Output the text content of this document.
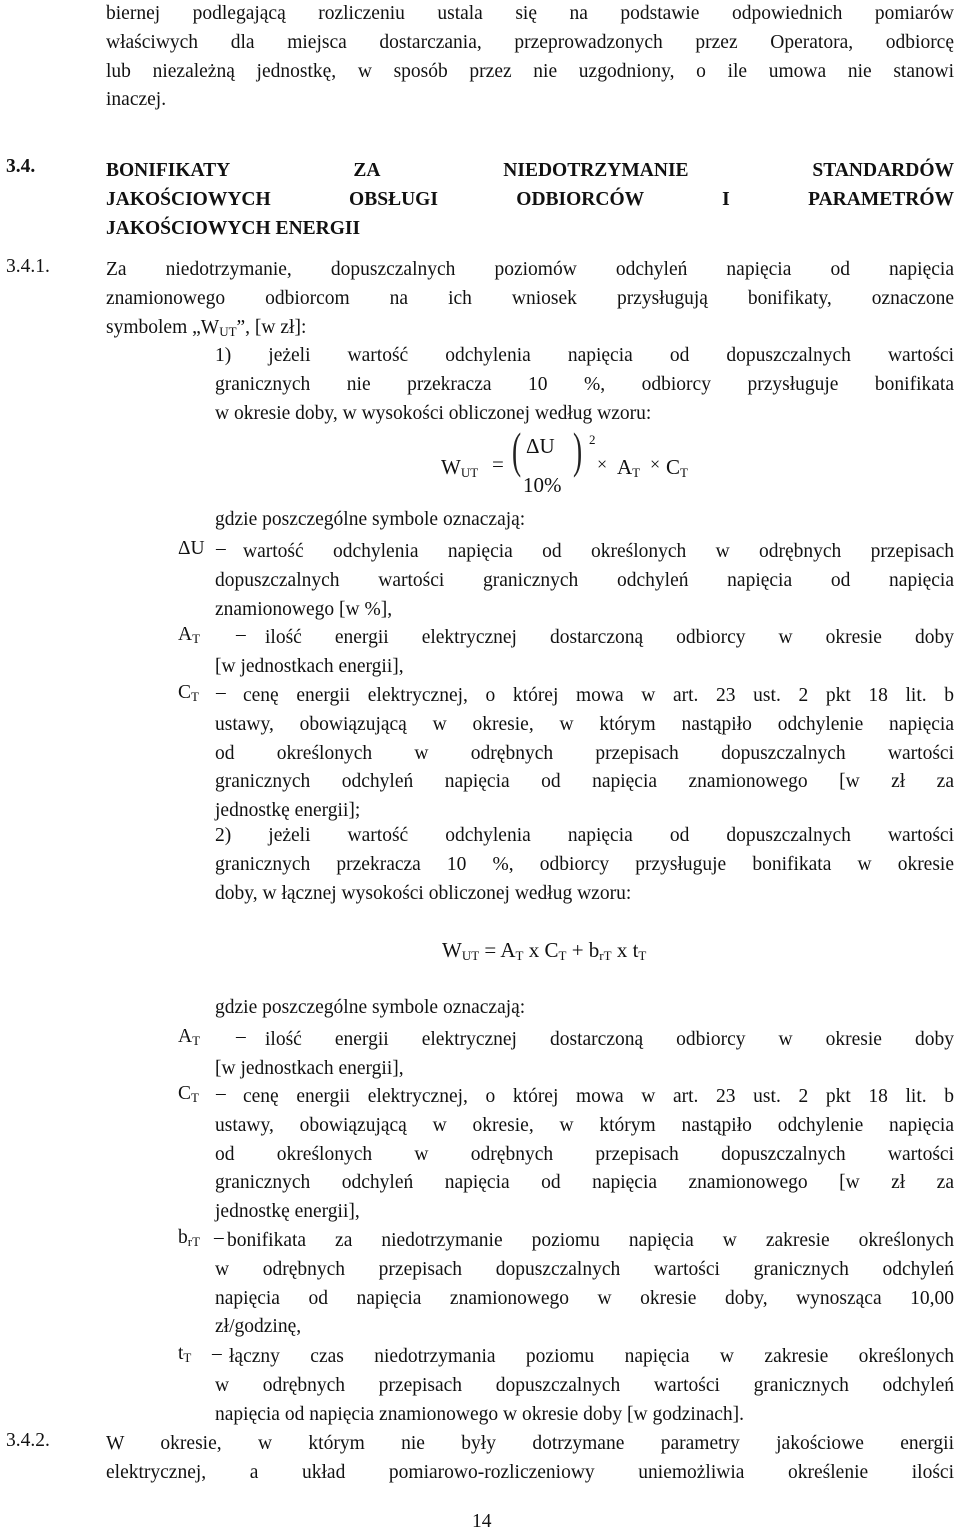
biernej podlegającą rozliczeniu ustala się na podstawie odpowiednich pomiarów
właściwych dla miejsca dostarczania, przeprowadzonych przez Operatora, odbiorcę
lub niezależną jednostkę, w sposób przez nie uzgodniony, o ile umowa nie stanowi
inaczej.
3.4.	BONIFIKATY ZA NIEDOTRZYMANIE STANDARDÓW
JAKOŚCIOWYCH OBSŁUGI ODBIORCÓW I PARAMETRÓW
JAKOŚCIOWYCH ENERGII
3.4.1.	Za niedotrzymanie, dopuszczalnych poziomów odchyleń napięcia od napięcia
znamionowego odbiorcom na ich wniosek przysługują bonifikaty, oznaczone
symbolem $„W_{UT}$”, [w zł]:
1) jeżeli wartość odchylenia napięcia od dopuszczalnych wartości
granicznych nie przekracza 10 %, odbiorcy przysługuje bonifikata
w okresie doby, w wysokości obliczonej według wzoru:
$W_{UT}$ = ( ΔU
10%
) 2
× $A_T \times C_T$
gdzie poszczególne symbole oznaczają:
ΔU – wartość odchylenia napięcia od określonych w odrębnych przepisach
dopuszczalnych wartości granicznych odchyleń napięcia od napięcia
znamionowego [w %],
$A_T$ – ilość energii elektrycznej dostarczoną odbiorcy w okresie doby
[w jednostkach energii],
$C_T$ – cenę energii elektrycznej, o której mowa w art. 23 ust. 2 pkt 18 lit. b
ustawy, obowiązującą w okresie, w którym nastąpiło odchylenie napięcia
od określonych w odrębnych przepisach dopuszczalnych wartości
granicznych odchyleń napięcia od napięcia znamionowego [w zł za
jednostkę energii];
2) jeżeli wartość odchylenia napięcia od dopuszczalnych wartości
granicznych przekracza 10 %, odbiorcy przysługuje bonifikata w okresie
doby, w łącznej wysokości obliczonej według wzoru:
$W_{UT} = A_T$ x $C_T + b_{rT}$ x $t_T$
gdzie poszczególne symbole oznaczają:
$A_T$ – ilość energii elektrycznej dostarczoną odbiorcy w okresie doby
[w jednostkach energii],
$C_T$ – cenę energii elektrycznej, o której mowa w art. 23 ust. 2 pkt 18 lit. b
ustawy, obowiązującą w okresie, w którym nastąpiło odchylenie napięcia
od określonych w odrębnych przepisach dopuszczalnych wartości
granicznych odchyleń napięcia od napięcia znamionowego [w zł za
jednostkę energii],
$b_{rT}$ – bonifikata za niedotrzymanie poziomu napięcia w zakresie określonych
w odrębnych przepisach dopuszczalnych wartości granicznych odchyleń
napięcia od napięcia znamionowego w okresie doby, wynosząca 10,00
zł/godzinę,
$t_T$ – łączny czas niedotrzymania poziomu napięcia w zakresie określonych
w odrębnych przepisach dopuszczalnych wartości granicznych odchyleń
napięcia od napięcia znamionowego w okresie doby [w godzinach].
3.4.2.	W okresie, w którym nie były dotrzymane parametry jakościowe energii
elektrycznej, a układ pomiarowo-rozliczeniowy uniemożliwia określenie ilości
14
